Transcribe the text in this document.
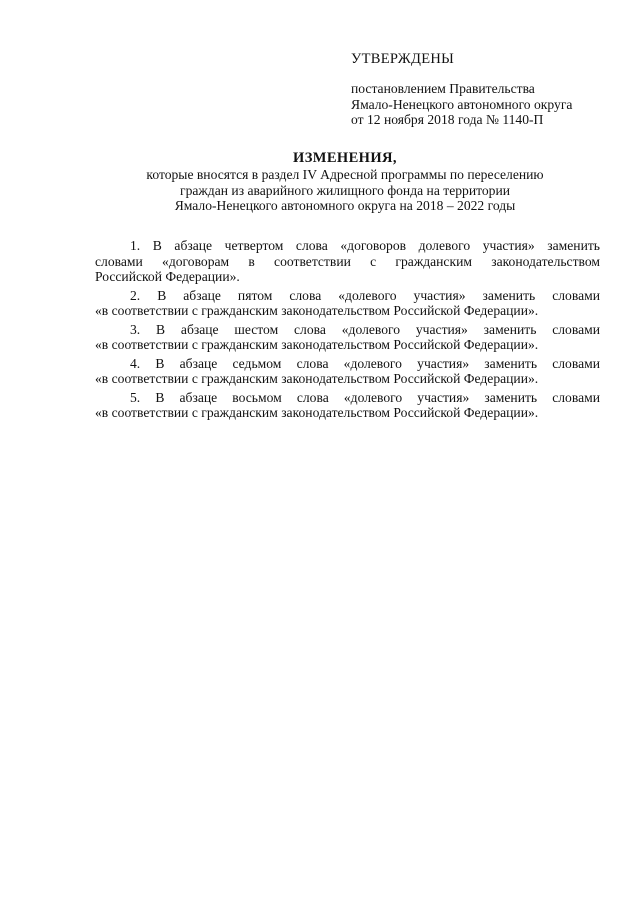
УТВЕРЖДЕНЫ
постановлением Правительства
Ямало-Ненецкого автономного округа
от 12 ноября 2018 года № 1140-П
ИЗМЕНЕНИЯ,
которые вносятся в раздел IV Адресной программы по переселению
граждан из аварийного жилищного фонда на территории
Ямало-Ненецкого автономного округа на 2018 – 2022 годы
1. В абзаце четвертом слова «договоров долевого участия» заменить
словами «договорам в соответствии с гражданским законодательством
Российской Федерации».
2. В абзаце пятом слова «долевого участия» заменить словами
«в соответствии с гражданским законодательством Российской Федерации».
3. В абзаце шестом слова «долевого участия» заменить словами
«в соответствии с гражданским законодательством Российской Федерации».
4. В абзаце седьмом слова «долевого участия» заменить словами
«в соответствии с гражданским законодательством Российской Федерации».
5. В абзаце восьмом слова «долевого участия» заменить словами
«в соответствии с гражданским законодательством Российской Федерации».
